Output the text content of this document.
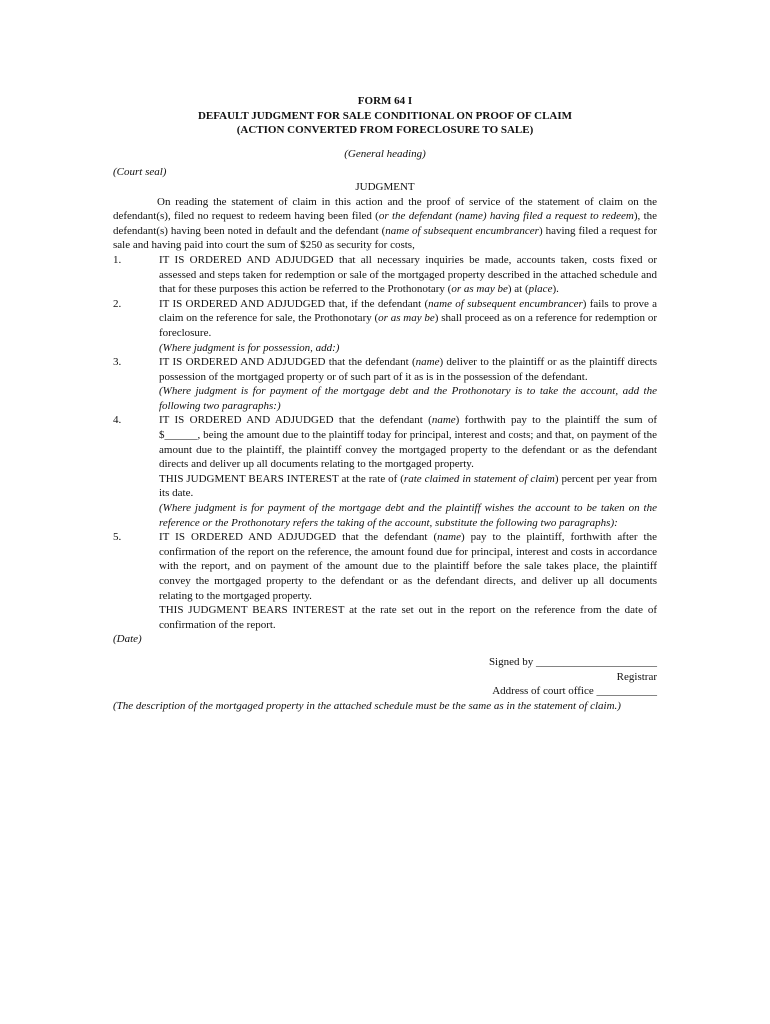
FORM 64 I
DEFAULT JUDGMENT FOR SALE CONDITIONAL ON PROOF OF CLAIM
(ACTION CONVERTED FROM FORECLOSURE TO SALE)
(General heading)
(Court seal)
JUDGMENT
On reading the statement of claim in this action and the proof of service of the statement of claim on the defendant(s), filed no request to redeem having been filed (or the defendant (name) having filed a request to redeem), the defendant(s) having been noted in default and the defendant (name of subsequent encumbrancer) having filed a request for sale and having paid into court the sum of $250 as security for costs,
1.	IT IS ORDERED AND ADJUDGED that all necessary inquiries be made, accounts taken, costs fixed or assessed and steps taken for redemption or sale of the mortgaged property described in the attached schedule and that for these purposes this action be referred to the Prothonotary (or as may be) at (place).

2.	IT IS ORDERED AND ADJUDGED that, if the defendant (name of subsequent encumbrancer) fails to prove a claim on the reference for sale, the Prothonotary (or as may be) shall proceed as on a reference for redemption or foreclosure.

(Where judgment is for possession, add:)

3.	IT IS ORDERED AND ADJUDGED that the defendant (name) deliver to the plaintiff or as the plaintiff directs possession of the mortgaged property or of such part of it as is in the possession of the defendant.

(Where judgment is for payment of the mortgage debt and the Prothonotary is to take the account, add the following two paragraphs:)

4.	IT IS ORDERED AND ADJUDGED that the defendant (name) forthwith pay to the plaintiff the sum of $______, being the amount due to the plaintiff today for principal, interest and costs; and that, on payment of the amount due to the plaintiff, the plaintiff convey the mortgaged property to the defendant or as the defendant directs and deliver up all documents relating to the mortgaged property.

THIS JUDGMENT BEARS INTEREST at the rate of (rate claimed in statement of claim) percent per year from its date.

(Where judgment is for payment of the mortgage debt and the plaintiff wishes the account to be taken on the reference or the Prothonotary refers the taking of the account, substitute the following two paragraphs):

5.	IT IS ORDERED AND ADJUDGED that the defendant (name) pay to the plaintiff, forthwith after the confirmation of the report on the reference, the amount found due for principal, interest and costs in accordance with the report, and on payment of the amount due to the plaintiff before the sale takes place, the plaintiff convey the mortgaged property to the defendant or as the defendant directs, and deliver up all documents relating to the mortgaged property.

THIS JUDGMENT BEARS INTEREST at the rate set out in the report on the reference from the date of confirmation of the report.

(Date)
Signed by ______________________
Registrar
Address of court office ___________
(The description of the mortgaged property in the attached schedule must be the same as in the statement of claim.)
